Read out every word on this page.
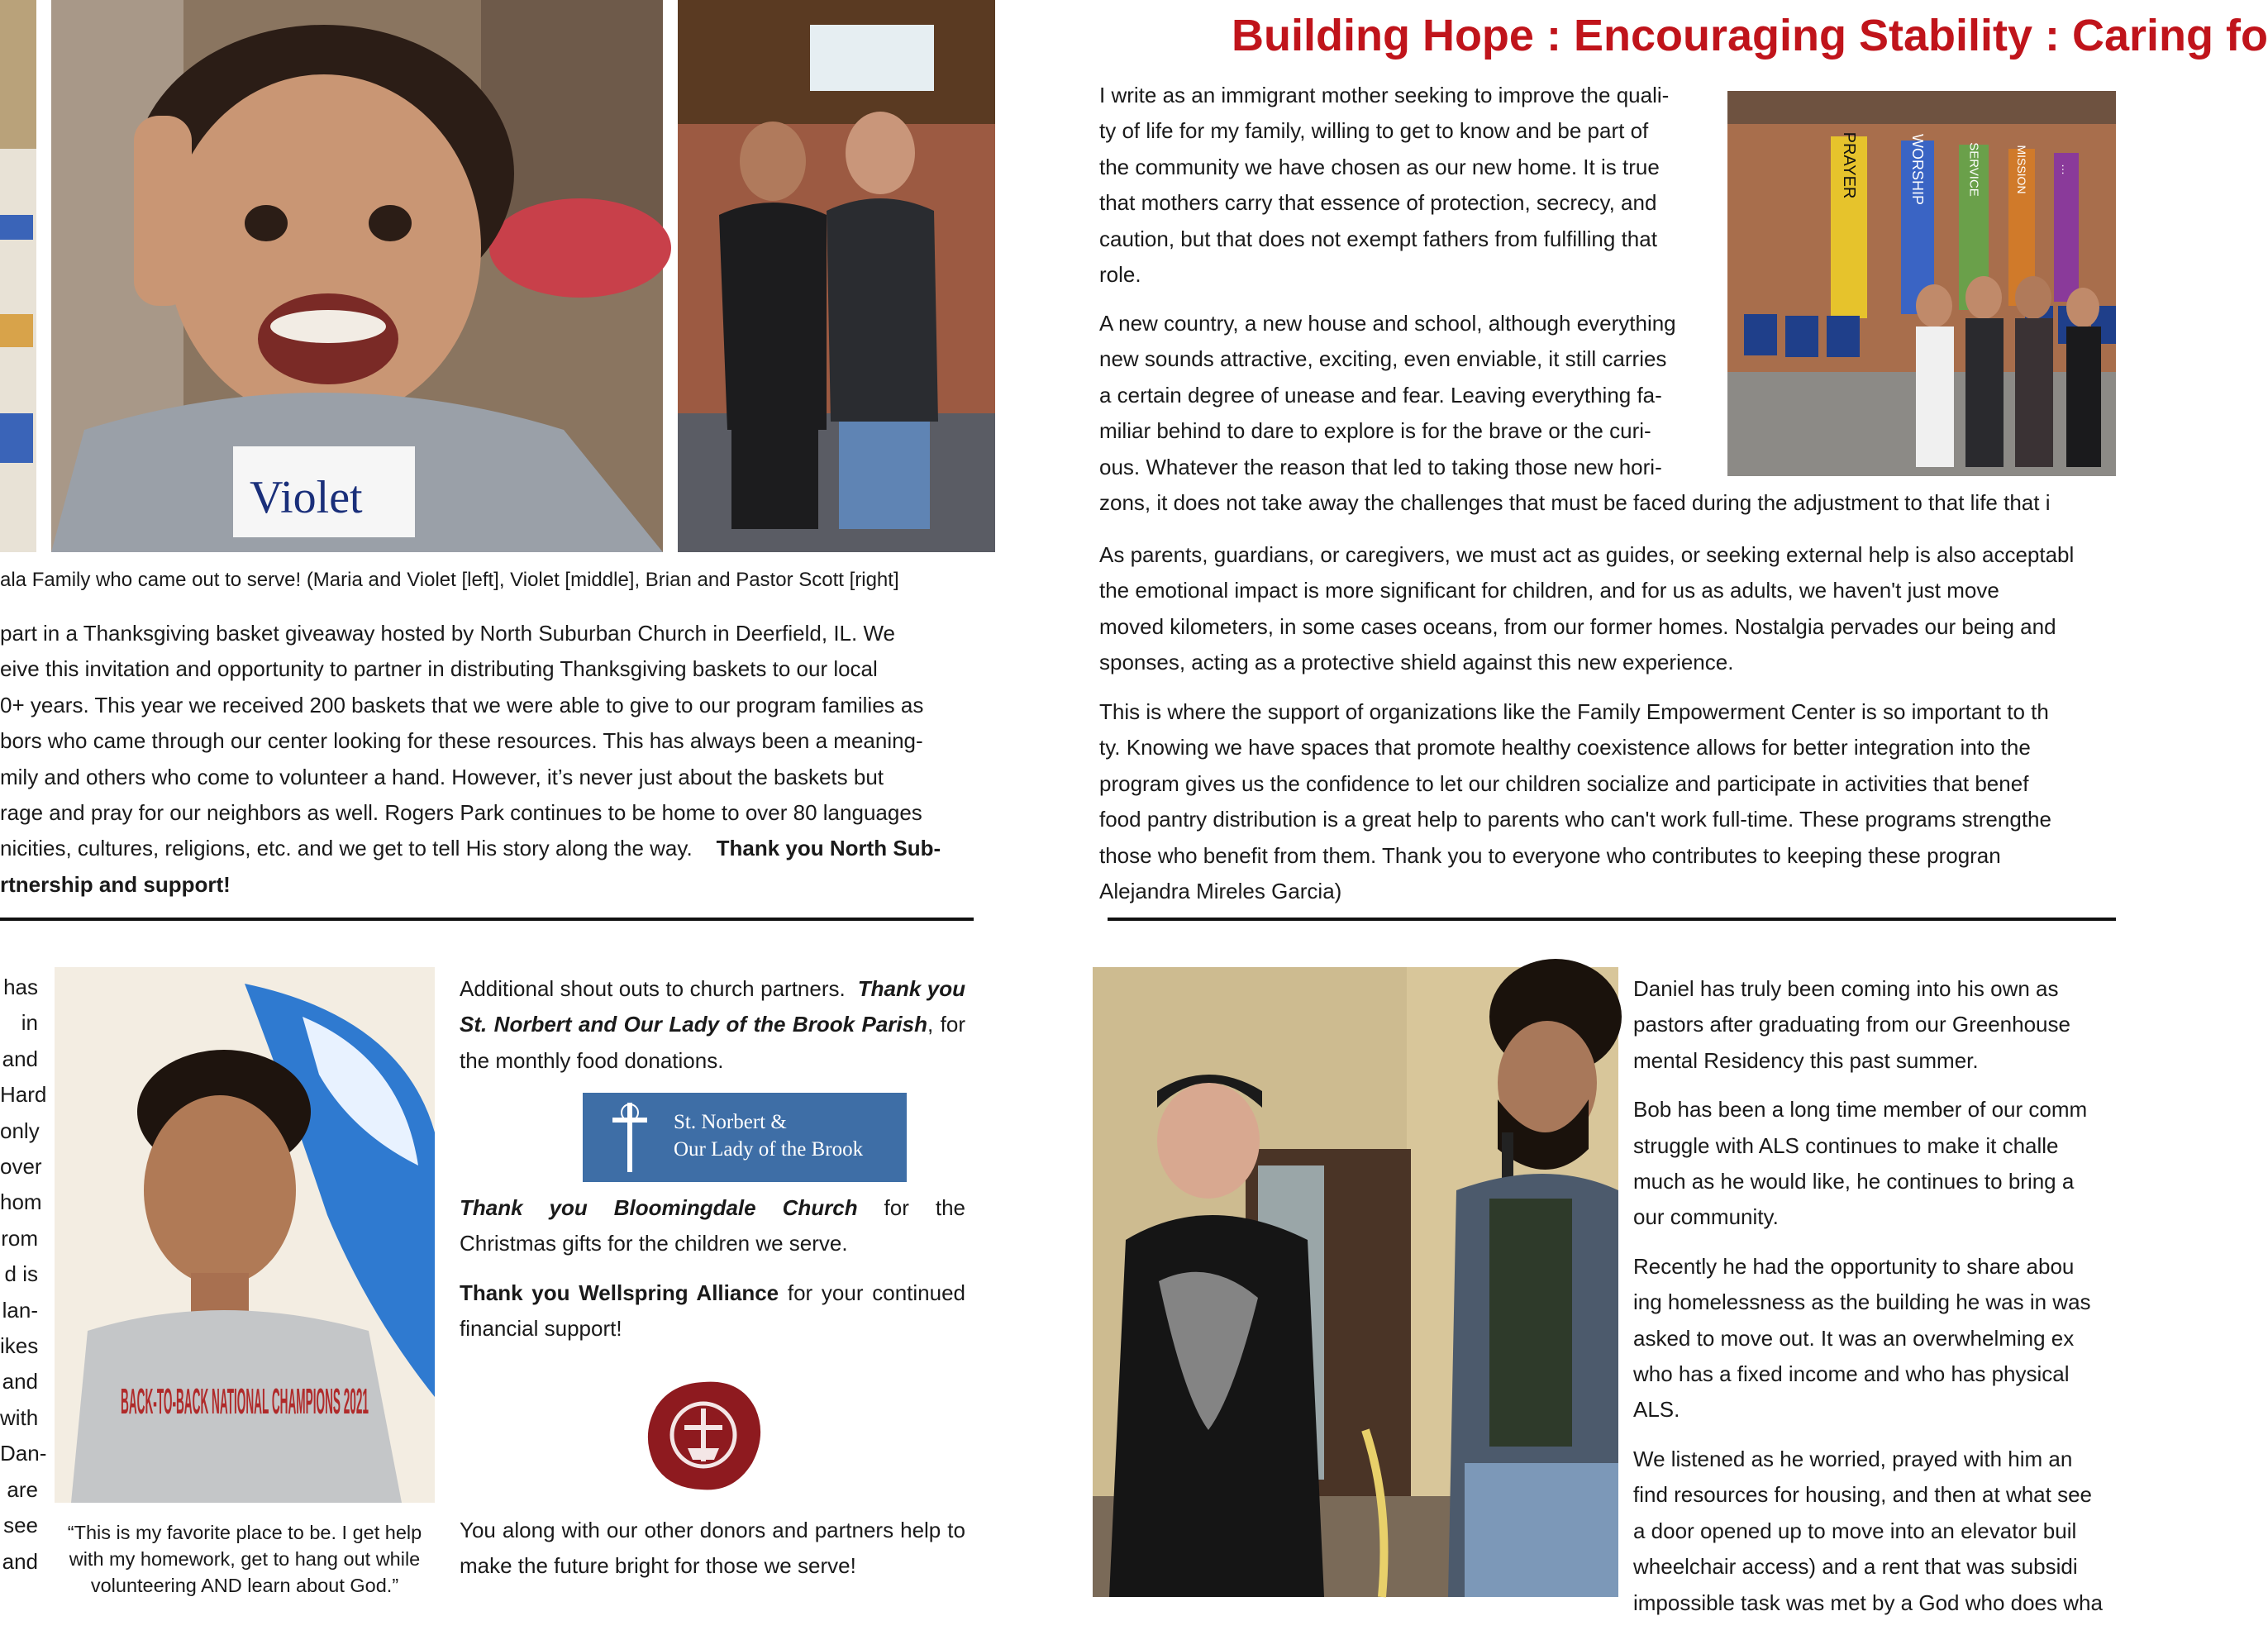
Building Hope : Encouraging Stability : Caring fo
Violet
ala Family who came out to serve! (Maria and Violet [left], Violet [middle], Brian and Pastor Scott [right]
part in a Thanksgiving basket giveaway hosted by North Suburban Church in Deerfield, IL. We
eive this invitation and opportunity to partner in distributing Thanksgiving baskets to our local
0+ years. This year we received 200 baskets that we were able to give to our program families as
bors who came through our center looking for these resources. This has always been a meaning-
mily and others who come to volunteer a hand. However, it’s never just about the baskets but
rage and pray for our neighbors as well. Rogers Park continues to be home to over 80 languages
nicities, cultures, religions, etc. and we get to tell His story along the way. Thank you North Sub-
rtnership and support!
PRAYER	WORSHIP	SERVICE	MISSION	…
I write as an immigrant mother seeking to improve the quali-
ty of life for my family, willing to get to know and be part of
the community we have chosen as our new home. It is true
that mothers carry that essence of protection, secrecy, and
caution, but that does not exempt fathers from fulfilling that
role.
A new country, a new house and school, although everything
new sounds attractive, exciting, even enviable, it still carries
a certain degree of unease and fear. Leaving everything fa-
miliar behind to dare to explore is for the brave or the curi-
ous. Whatever the reason that led to taking those new hori-
zons, it does not take away the challenges that must be faced during the adjustment to that life that i
As parents, guardians, or caregivers, we must act as guides, or seeking external help is also acceptabl
the emotional impact is more significant for children, and for us as adults, we haven't just move
moved kilometers, in some cases oceans, from our former homes. Nostalgia pervades our being and
sponses, acting as a protective shield against this new experience.
This is where the support of organizations like the Family Empowerment Center is so important to th
ty. Knowing we have spaces that promote healthy coexistence allows for better integration into the
program gives us the confidence to let our children socialize and participate in activities that benef
food pantry distribution is a great help to parents who can't work full-time. These programs strengthe
those who benefit from them. Thank you to everyone who contributes to keeping these progran
Alejandra Mireles Garcia)
has
in
and
Hard
only
over
hom
rom
d is
lan-
ikes
and
with
Dan-
are
see
and
BACK-TO-BACK NATIONAL CHAMPIONS 2021
“This is my favorite place to be. I get help with my homework, get to hang out while volunteering AND learn about God.”

Additional shout outs to church partners. Thank you St. Norbert and Our Lady of the Brook Parish, for the monthly food donations.

St. Norbert &
Our Lady of the Brook

Thank you Bloomingdale Church for the Christmas gifts for the children we serve.

Thank you Wellspring Alliance for your continued financial support!

You along with our other donors and partners help to make the future bright for those we serve!

Daniel has truly been coming into his own as
pastors after graduating from our Greenhouse
mental Residency this past summer.

Bob has been a long time member of our comm
struggle with ALS continues to make it challe
much as he would like, he continues to bring a
our community.

Recently he had the opportunity to share abou
ing homelessness as the building he was in was
asked to move out. It was an overwhelming ex
who has a fixed income and who has physical
ALS.

We listened as he worried, prayed with him an
find resources for housing, and then at what see
a door opened up to move into an elevator buil
wheelchair access) and a rent that was subsidi
impossible task was met by a God who does wha
